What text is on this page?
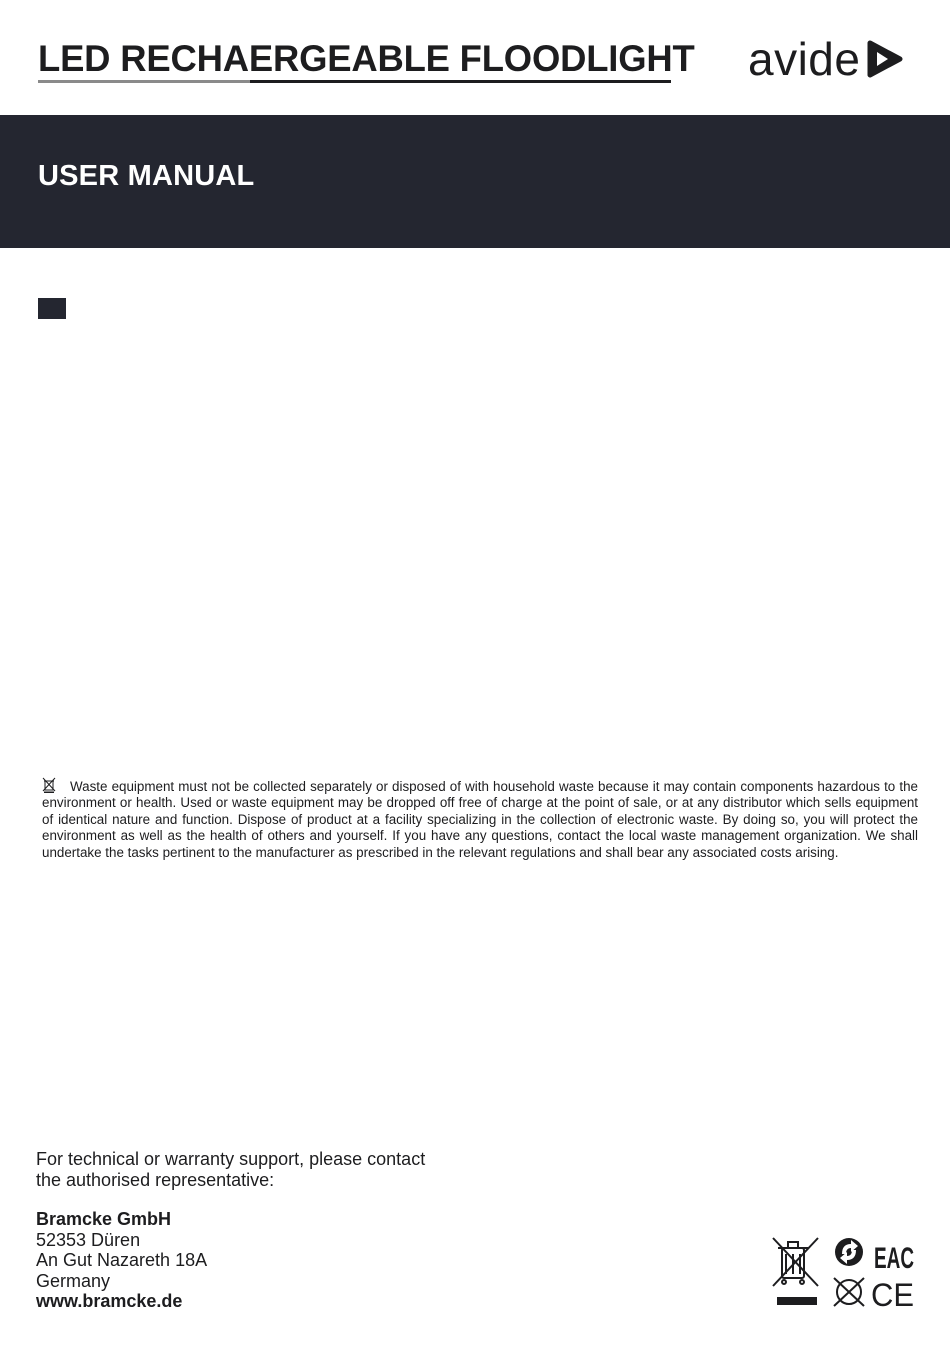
LED RECHAERGEABLE FLOODLIGHT avide
USER MANUAL
Waste equipment must not be collected separately or disposed of with household waste because it may contain components hazardous to the environment or health. Used or waste equipment may be dropped off free of charge at the point of sale, or at any distributor which sells equipment of identical nature and function. Dispose of product at a facility specializing in the collection of electronic waste. By doing so, you will protect the environment as well as the health of others and yourself. If you have any questions, contact the local waste management organization. We shall undertake the tasks pertinent to the manufacturer as prescribed in the relevant regulations and shall bear any associated costs arising.
For technical or warranty support, please contact
the authorised representative:
Bramcke GmbH
52353 Düren
An Gut Nazareth 18A
Germany
www.bramcke.de
EAC
CE
